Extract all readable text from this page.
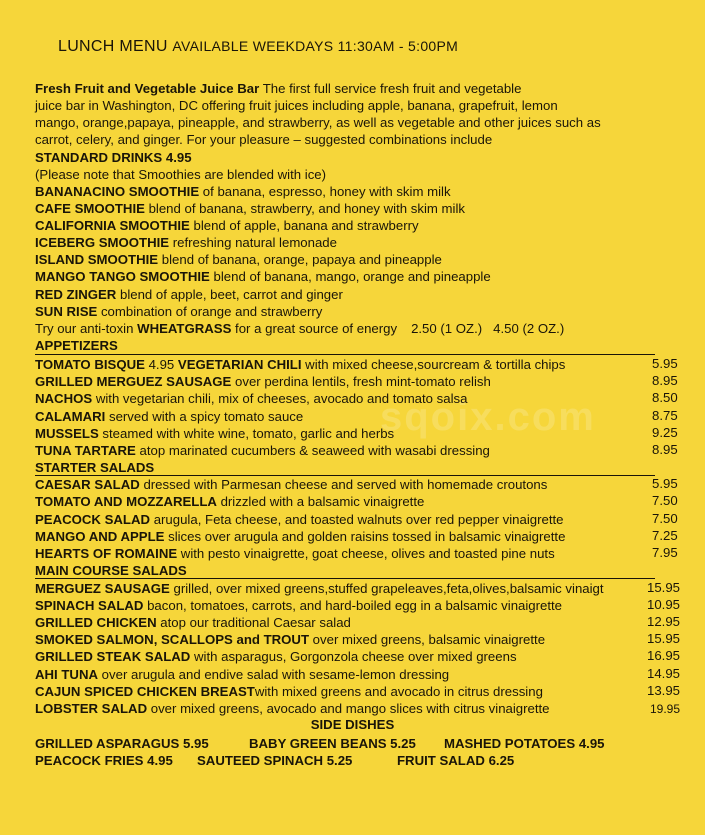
sqoix.com
LUNCH MENU AVAILABLE WEEKDAYS 11:30AM - 5:00PM
Fresh Fruit and Vegetable Juice Bar The first full service fresh fruit and vegetable
juice bar in Washington, DC offering fruit juices including apple, banana, grapefruit, lemon
mango, orange,papaya, pineapple, and strawberry, as well as vegetable and other juices such as
carrot, celery, and ginger. For your pleasure – suggested combinations include
STANDARD DRINKS 4.95
(Please note that Smoothies are blended with ice)
BANANACINO SMOOTHIE of banana, espresso, honey with skim milk
CAFE SMOOTHIE blend of banana, strawberry, and honey with skim milk
CALIFORNIA SMOOTHIE blend of apple, banana and strawberry
ICEBERG SMOOTHIE refreshing natural lemonade
ISLAND SMOOTHIE blend of banana, orange, papaya and pineapple
MANGO TANGO SMOOTHIE blend of banana, mango, orange and pineapple
RED ZINGER blend of apple, beet, carrot and ginger
SUN RISE combination of orange and strawberry
Try our anti-toxin WHEATGRASS for a great source of energy 2.50 (1 OZ.)   4.50 (2 OZ.)
APPETIZERS
TOMATO BISQUE 4.95 VEGETARIAN CHILI with mixed cheese,sourcream & tortilla chips	5.95
GRILLED MERGUEZ SAUSAGE over perdina lentils, fresh mint-tomato relish	8.95
NACHOS with vegetarian chili, mix of cheeses, avocado and tomato salsa	8.50
CALAMARI served with a spicy tomato sauce	8.75
MUSSELS steamed with white wine, tomato, garlic and herbs	9.25
TUNA TARTARE atop marinated cucumbers & seaweed with wasabi dressing	8.95
STARTER SALADS
CAESAR SALAD dressed with Parmesan cheese and served with homemade croutons	5.95
TOMATO AND MOZZARELLA drizzled with a balsamic vinaigrette	7.50
PEACOCK SALAD arugula, Feta cheese, and toasted walnuts over red pepper vinaigrette	7.50
MANGO AND APPLE slices over arugula and golden raisins tossed in balsamic vinaigrette	7.25
HEARTS OF ROMAINE with pesto vinaigrette, goat cheese, olives and toasted pine nuts	7.95
MAIN COURSE SALADS
MERGUEZ SAUSAGE grilled, over mixed greens,stuffed grapeleaves,feta,olives,balsamic vinaigt	15.95
SPINACH SALAD bacon, tomatoes, carrots, and hard-boiled egg in a balsamic vinaigrette	10.95
GRILLED CHICKEN atop our traditional Caesar salad	12.95
SMOKED SALMON, SCALLOPS and TROUT over mixed greens, balsamic vinaigrette	15.95
GRILLED STEAK SALAD with asparagus, Gorgonzola cheese over mixed greens	16.95
AHI TUNA over arugula and endive salad with sesame-lemon dressing	14.95
CAJUN SPICED CHICKEN BREASTwith mixed greens and avocado in citrus dressing	13.95
LOBSTER SALAD over mixed greens, avocado and mango slices with citrus vinaigrette	19.95
SIDE DISHES
GRILLED ASPARAGUS 5.95	BABY GREEN BEANS 5.25 MASHED POTATOES 4.95
PEACOCK FRIES 4.95 SAUTEED SPINACH 5.25	FRUIT SALAD 6.25
